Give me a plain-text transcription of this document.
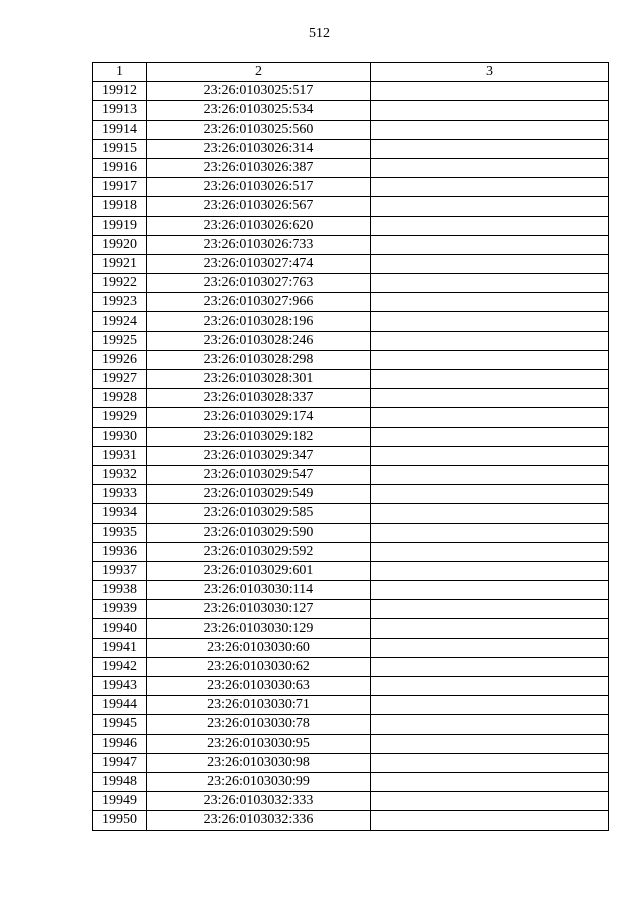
512
1	2	3
19912	23:26:0103025:517	
19913	23:26:0103025:534	
19914	23:26:0103025:560	
19915	23:26:0103026:314	
19916	23:26:0103026:387	
19917	23:26:0103026:517	
19918	23:26:0103026:567	
19919	23:26:0103026:620	
19920	23:26:0103026:733	
19921	23:26:0103027:474	
19922	23:26:0103027:763	
19923	23:26:0103027:966	
19924	23:26:0103028:196	
19925	23:26:0103028:246	
19926	23:26:0103028:298	
19927	23:26:0103028:301	
19928	23:26:0103028:337	
19929	23:26:0103029:174	
19930	23:26:0103029:182	
19931	23:26:0103029:347	
19932	23:26:0103029:547	
19933	23:26:0103029:549	
19934	23:26:0103029:585	
19935	23:26:0103029:590	
19936	23:26:0103029:592	
19937	23:26:0103029:601	
19938	23:26:0103030:114	
19939	23:26:0103030:127	
19940	23:26:0103030:129	
19941	23:26:0103030:60	
19942	23:26:0103030:62	
19943	23:26:0103030:63	
19944	23:26:0103030:71	
19945	23:26:0103030:78	
19946	23:26:0103030:95	
19947	23:26:0103030:98	
19948	23:26:0103030:99	
19949	23:26:0103032:333	
19950	23:26:0103032:336	
